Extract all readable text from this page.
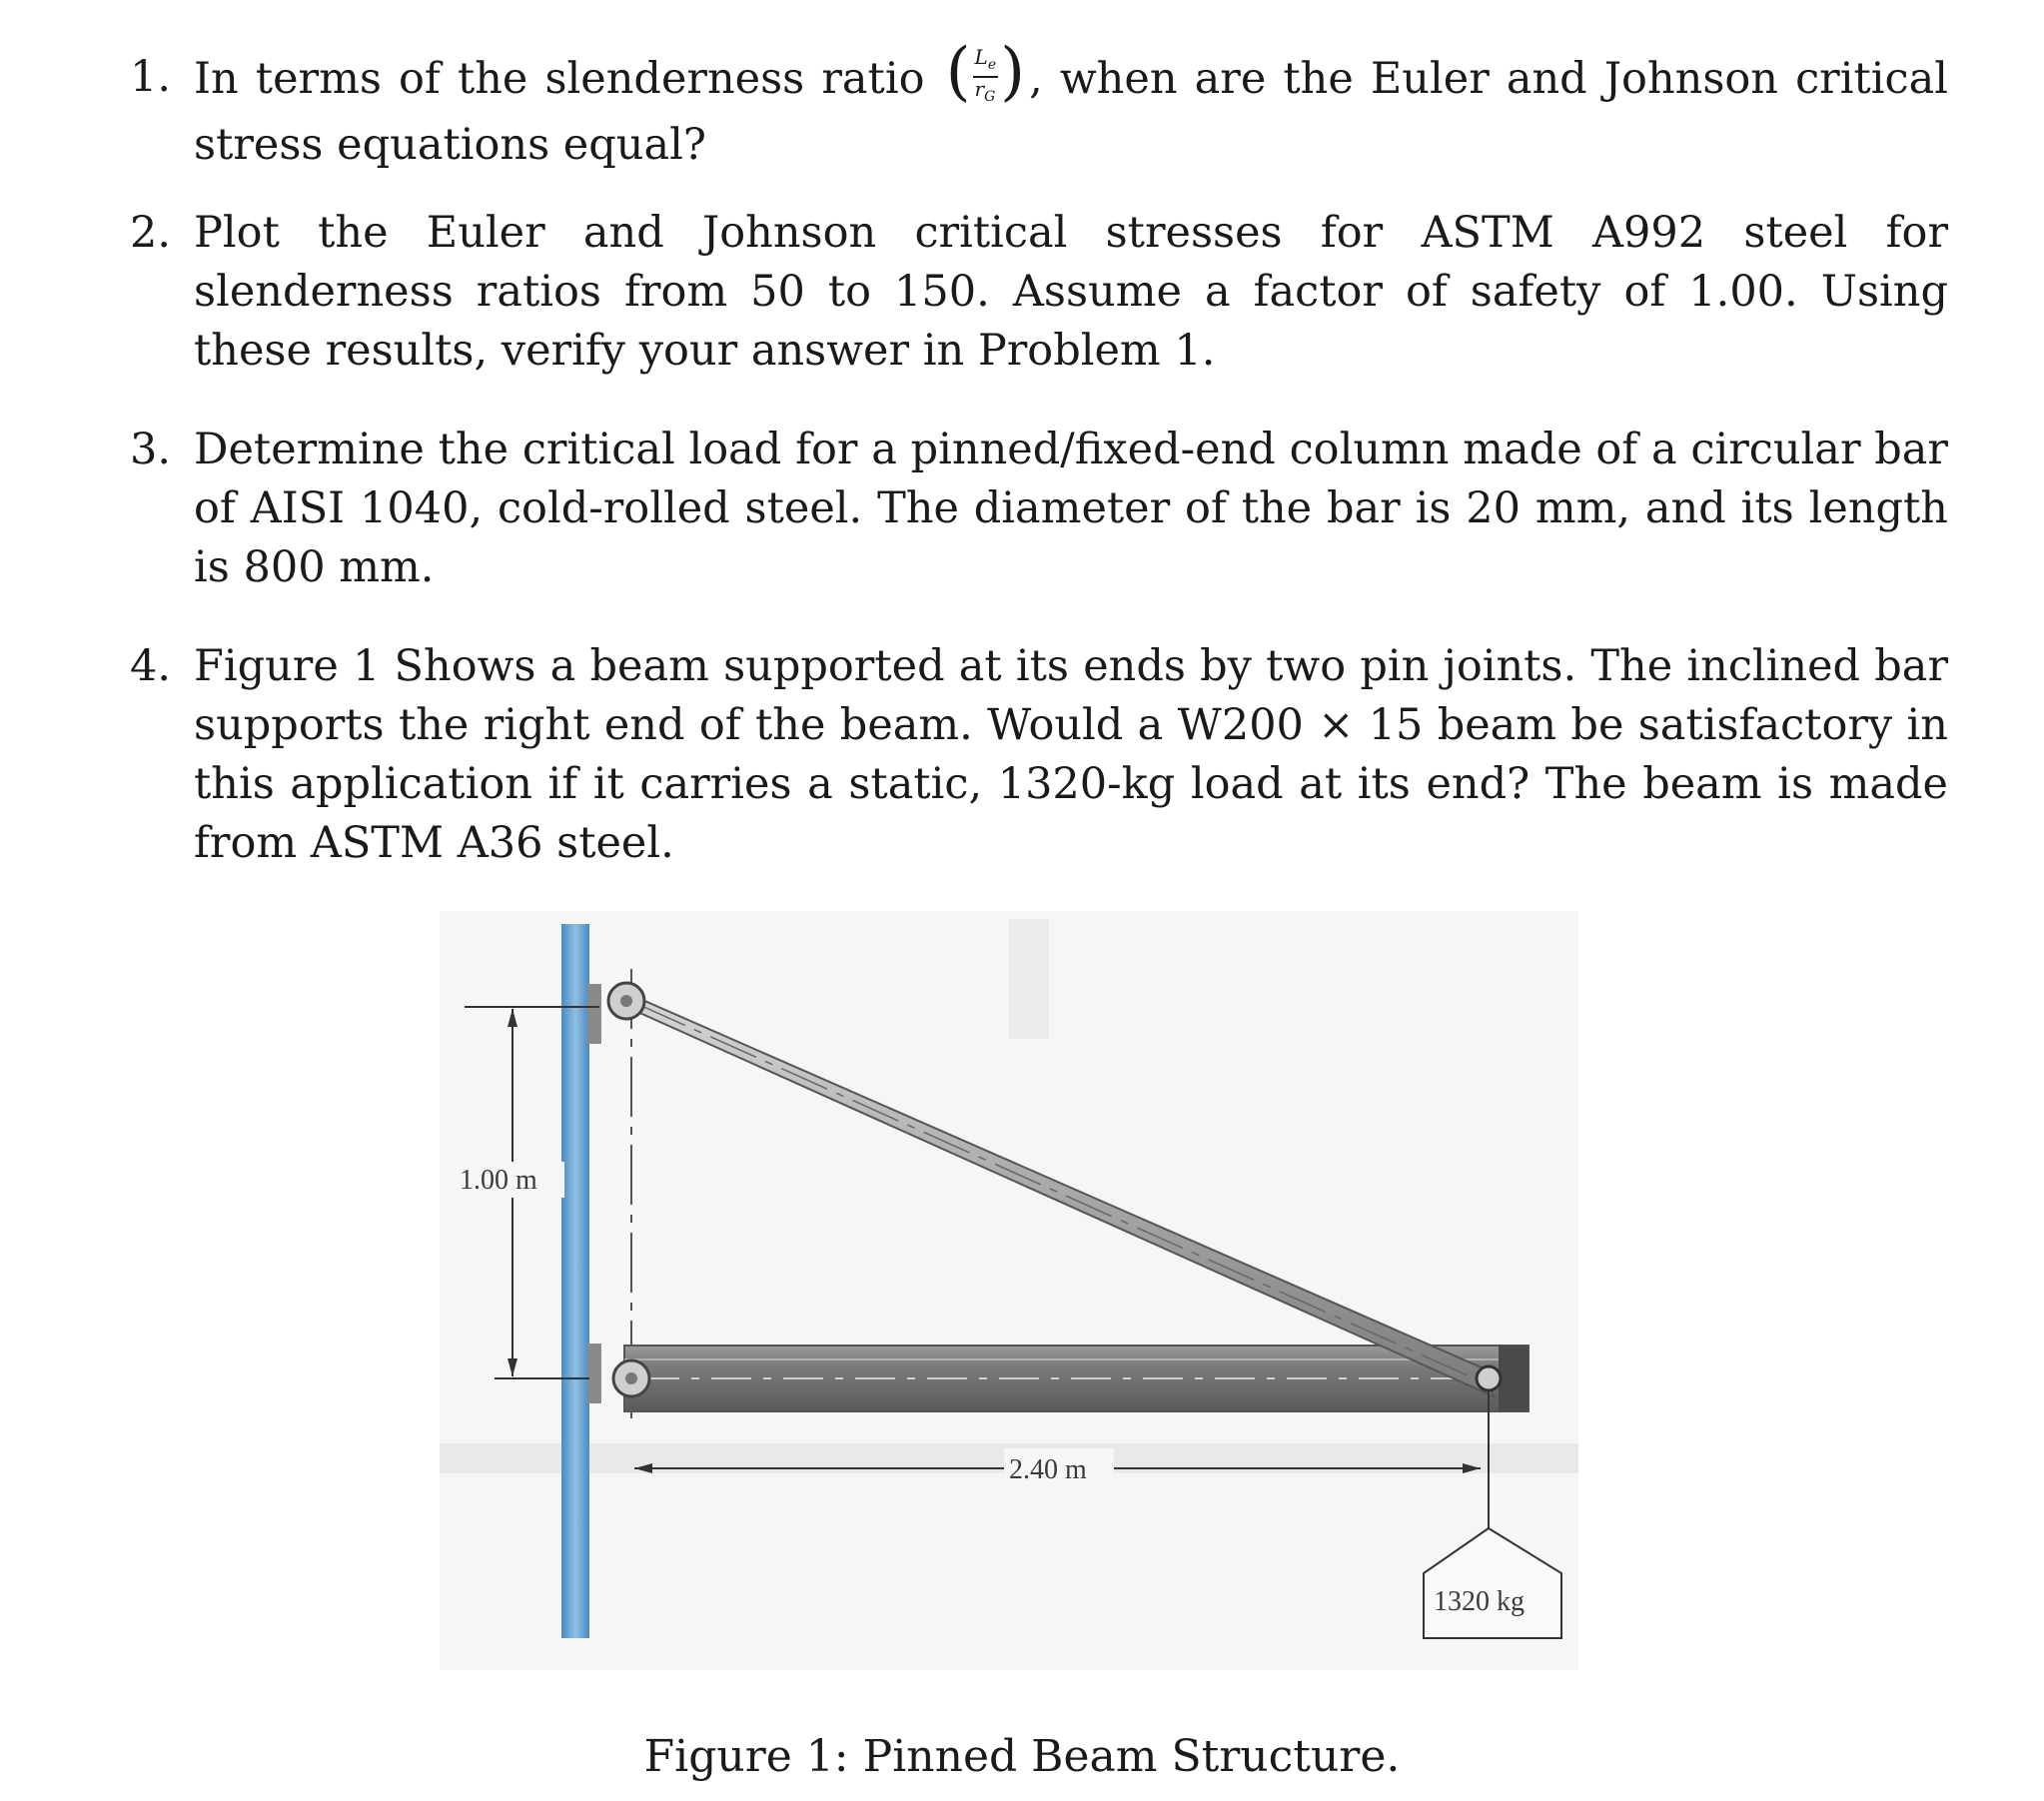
1. In terms of the slenderness ratio ( $\frac{L_e}{r_G}$ ), when are the Euler and Johnson critical stress equations equal?
2. Plot the Euler and Johnson critical stresses for ASTM A992 steel for slenderness ratios from 50 to 150. Assume a factor of safety of 1.00. Using these results, verify your answer in Problem 1.
3. Determine the critical load for a pinned/fixed-end column made of a circular bar of AISI 1040, cold-rolled steel. The diameter of the bar is 20 mm, and its length is 800 mm.
4. Figure 1 Shows a beam supported at its ends by two pin joints. The inclined bar supports the right end of the beam. Would a W200 × 15 beam be satisfactory in this application if it carries a static, 1320-kg load at its end? The beam is made from ASTM A36 steel.
1.00 m
2.40 m
1320 kg
Figure 1: Pinned Beam Structure.
